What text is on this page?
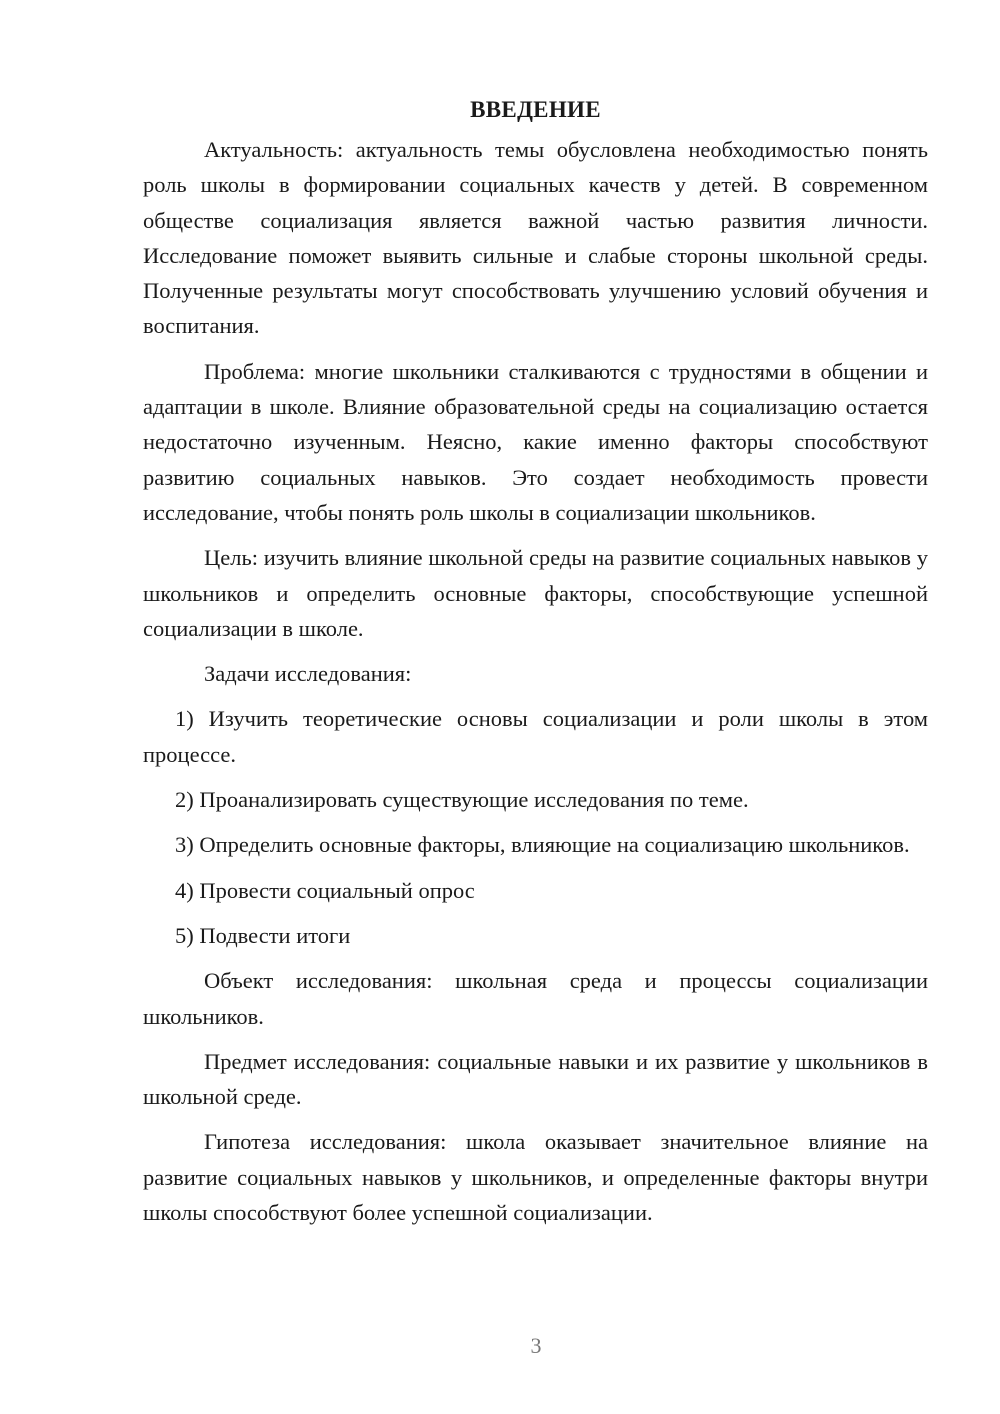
ВВЕДЕНИЕ

Актуальность: актуальность темы обусловлена необходимостью понять роль школы в формировании социальных качеств у детей. В современном обществе социализация является важной частью развития личности. Исследование поможет выявить сильные и слабые стороны школьной среды. Полученные результаты могут способствовать улучшению условий обучения и воспитания.

Проблема: многие школьники сталкиваются с трудностями в общении и адаптации в школе. Влияние образовательной среды на социализацию остается недостаточно изученным. Неясно, какие именно факторы способствуют развитию социальных навыков. Это создает необходимость провести исследование, чтобы понять роль школы в социализации школьников.

Цель: изучить влияние школьной среды на развитие социальных навыков у школьников и определить основные факторы, способствующие успешной социализации в школе.

Задачи исследования:

1) Изучить теоретические основы социализации и роли школы в этом процессе.

2) Проанализировать существующие исследования по теме.

3) Определить основные факторы, влияющие на социализацию школьников.

4) Провести социальный опрос

5) Подвести итоги

Объект исследования: школьная среда и процессы социализации школьников.

Предмет исследования: социальные навыки и их развитие у школьников в школьной среде.

Гипотеза исследования: школа оказывает значительное влияние на развитие социальных навыков у школьников, и определенные факторы внутри школы способствуют более успешной социализации.

3
